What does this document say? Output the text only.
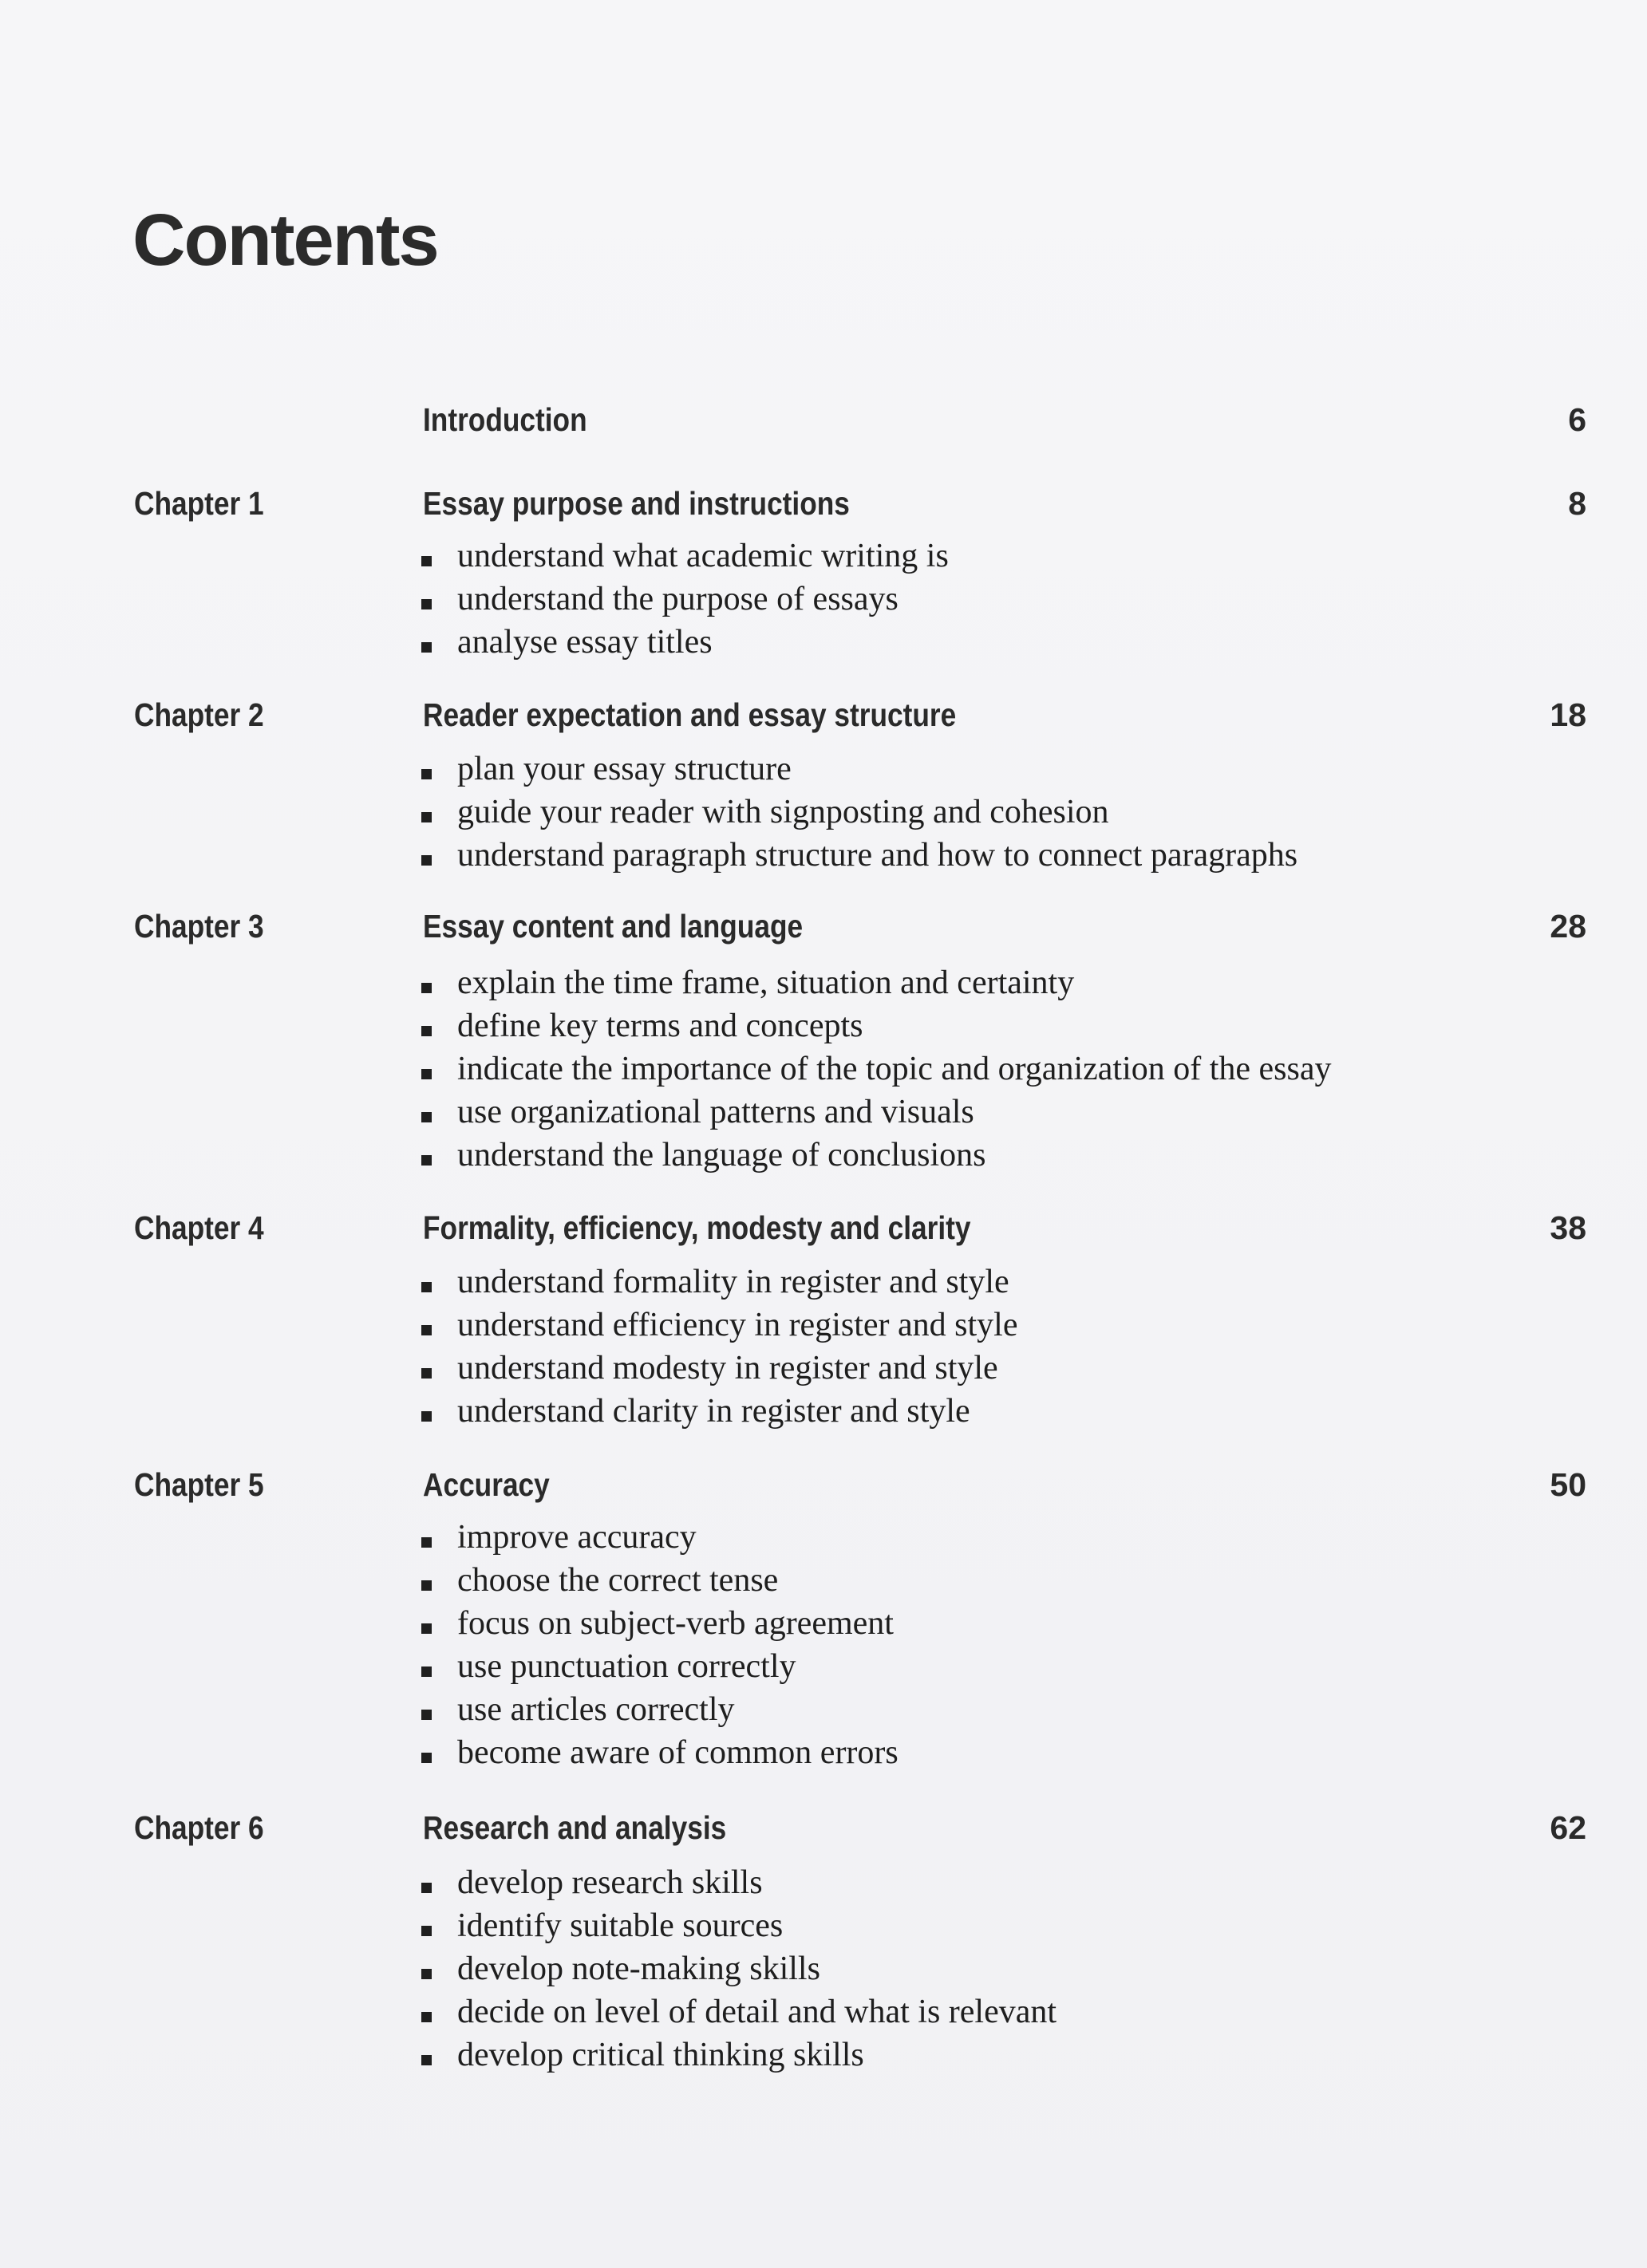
Contents
Introduction	6
Chapter 1	Essay purpose and instructions	8
understand what academic writing is
understand the purpose of essays
analyse essay titles
Chapter 2	Reader expectation and essay structure	18
plan your essay structure
guide your reader with signposting and cohesion
understand paragraph structure and how to connect paragraphs
Chapter 3	Essay content and language	28
explain the time frame, situation and certainty
define key terms and concepts
indicate the importance of the topic and organization of the essay
use organizational patterns and visuals
understand the language of conclusions
Chapter 4	Formality, efficiency, modesty and clarity	38
understand formality in register and style
understand efficiency in register and style
understand modesty in register and style
understand clarity in register and style
Chapter 5	Accuracy	50
improve accuracy
choose the correct tense
focus on subject-verb agreement
use punctuation correctly
use articles correctly
become aware of common errors
Chapter 6	Research and analysis	62
develop research skills
identify suitable sources
develop note-making skills
decide on level of detail and what is relevant
develop critical thinking skills
